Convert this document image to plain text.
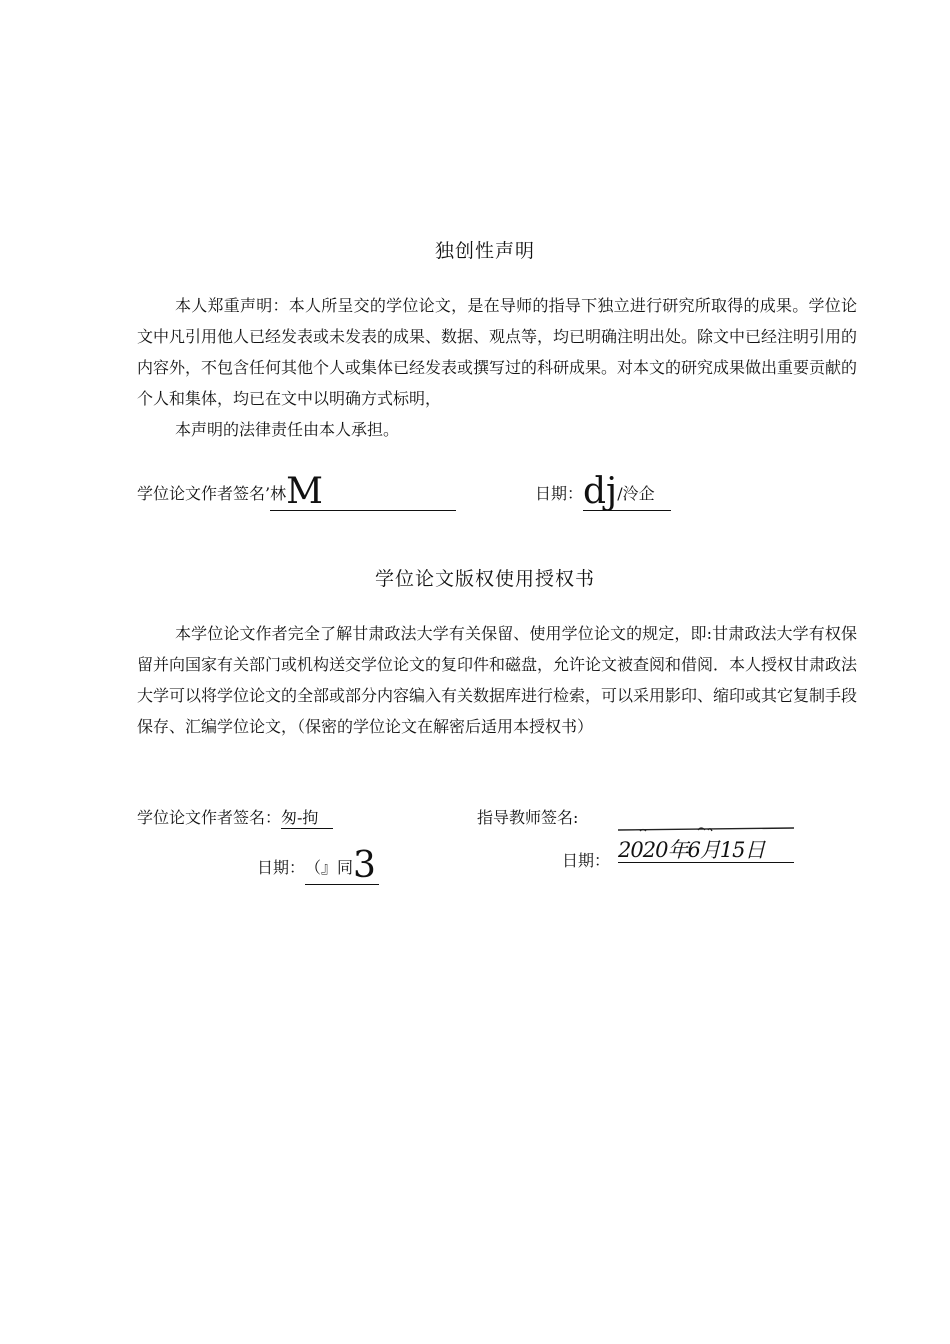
独创性声明

本人郑重声明：本人所呈交的学位论文，是在导师的指导下独立进行研究所取得的成果。学位论文中凡引用他人已经发表或未发表的成果、数据、观点等，均已明确注明出处。除文中已经注明引用的内容外，不包含任何其他个人或集体已经发表或撰写过的科研成果。对本文的研究成果做出重要贡献的个人和集体，均已在文中以明确方式标明，

本声明的法律责任由本人承担。

学位论文作者签名’林M	日期：dj/泠企
学位论文版权使用授权书

本学位论文作者完全了解甘肃政法大学有关保留、使用学位论文的规定，即:甘肃政法大学有权保留并向国家有关部门或机构送交学位论文的复印件和磁盘，允许论文被查阅和借阅．本人授权甘肃政法大学可以将学位论文的全部或部分内容编入有关数据库进行检索，可以采用影印、缩印或其它复制手段保存、汇编学位论文，（保密的学位论文在解密后适用本授权书）

学位论文作者签名：匆-拘	指导教师签名:
日期：（』同3	日期： 2020年6月15日
